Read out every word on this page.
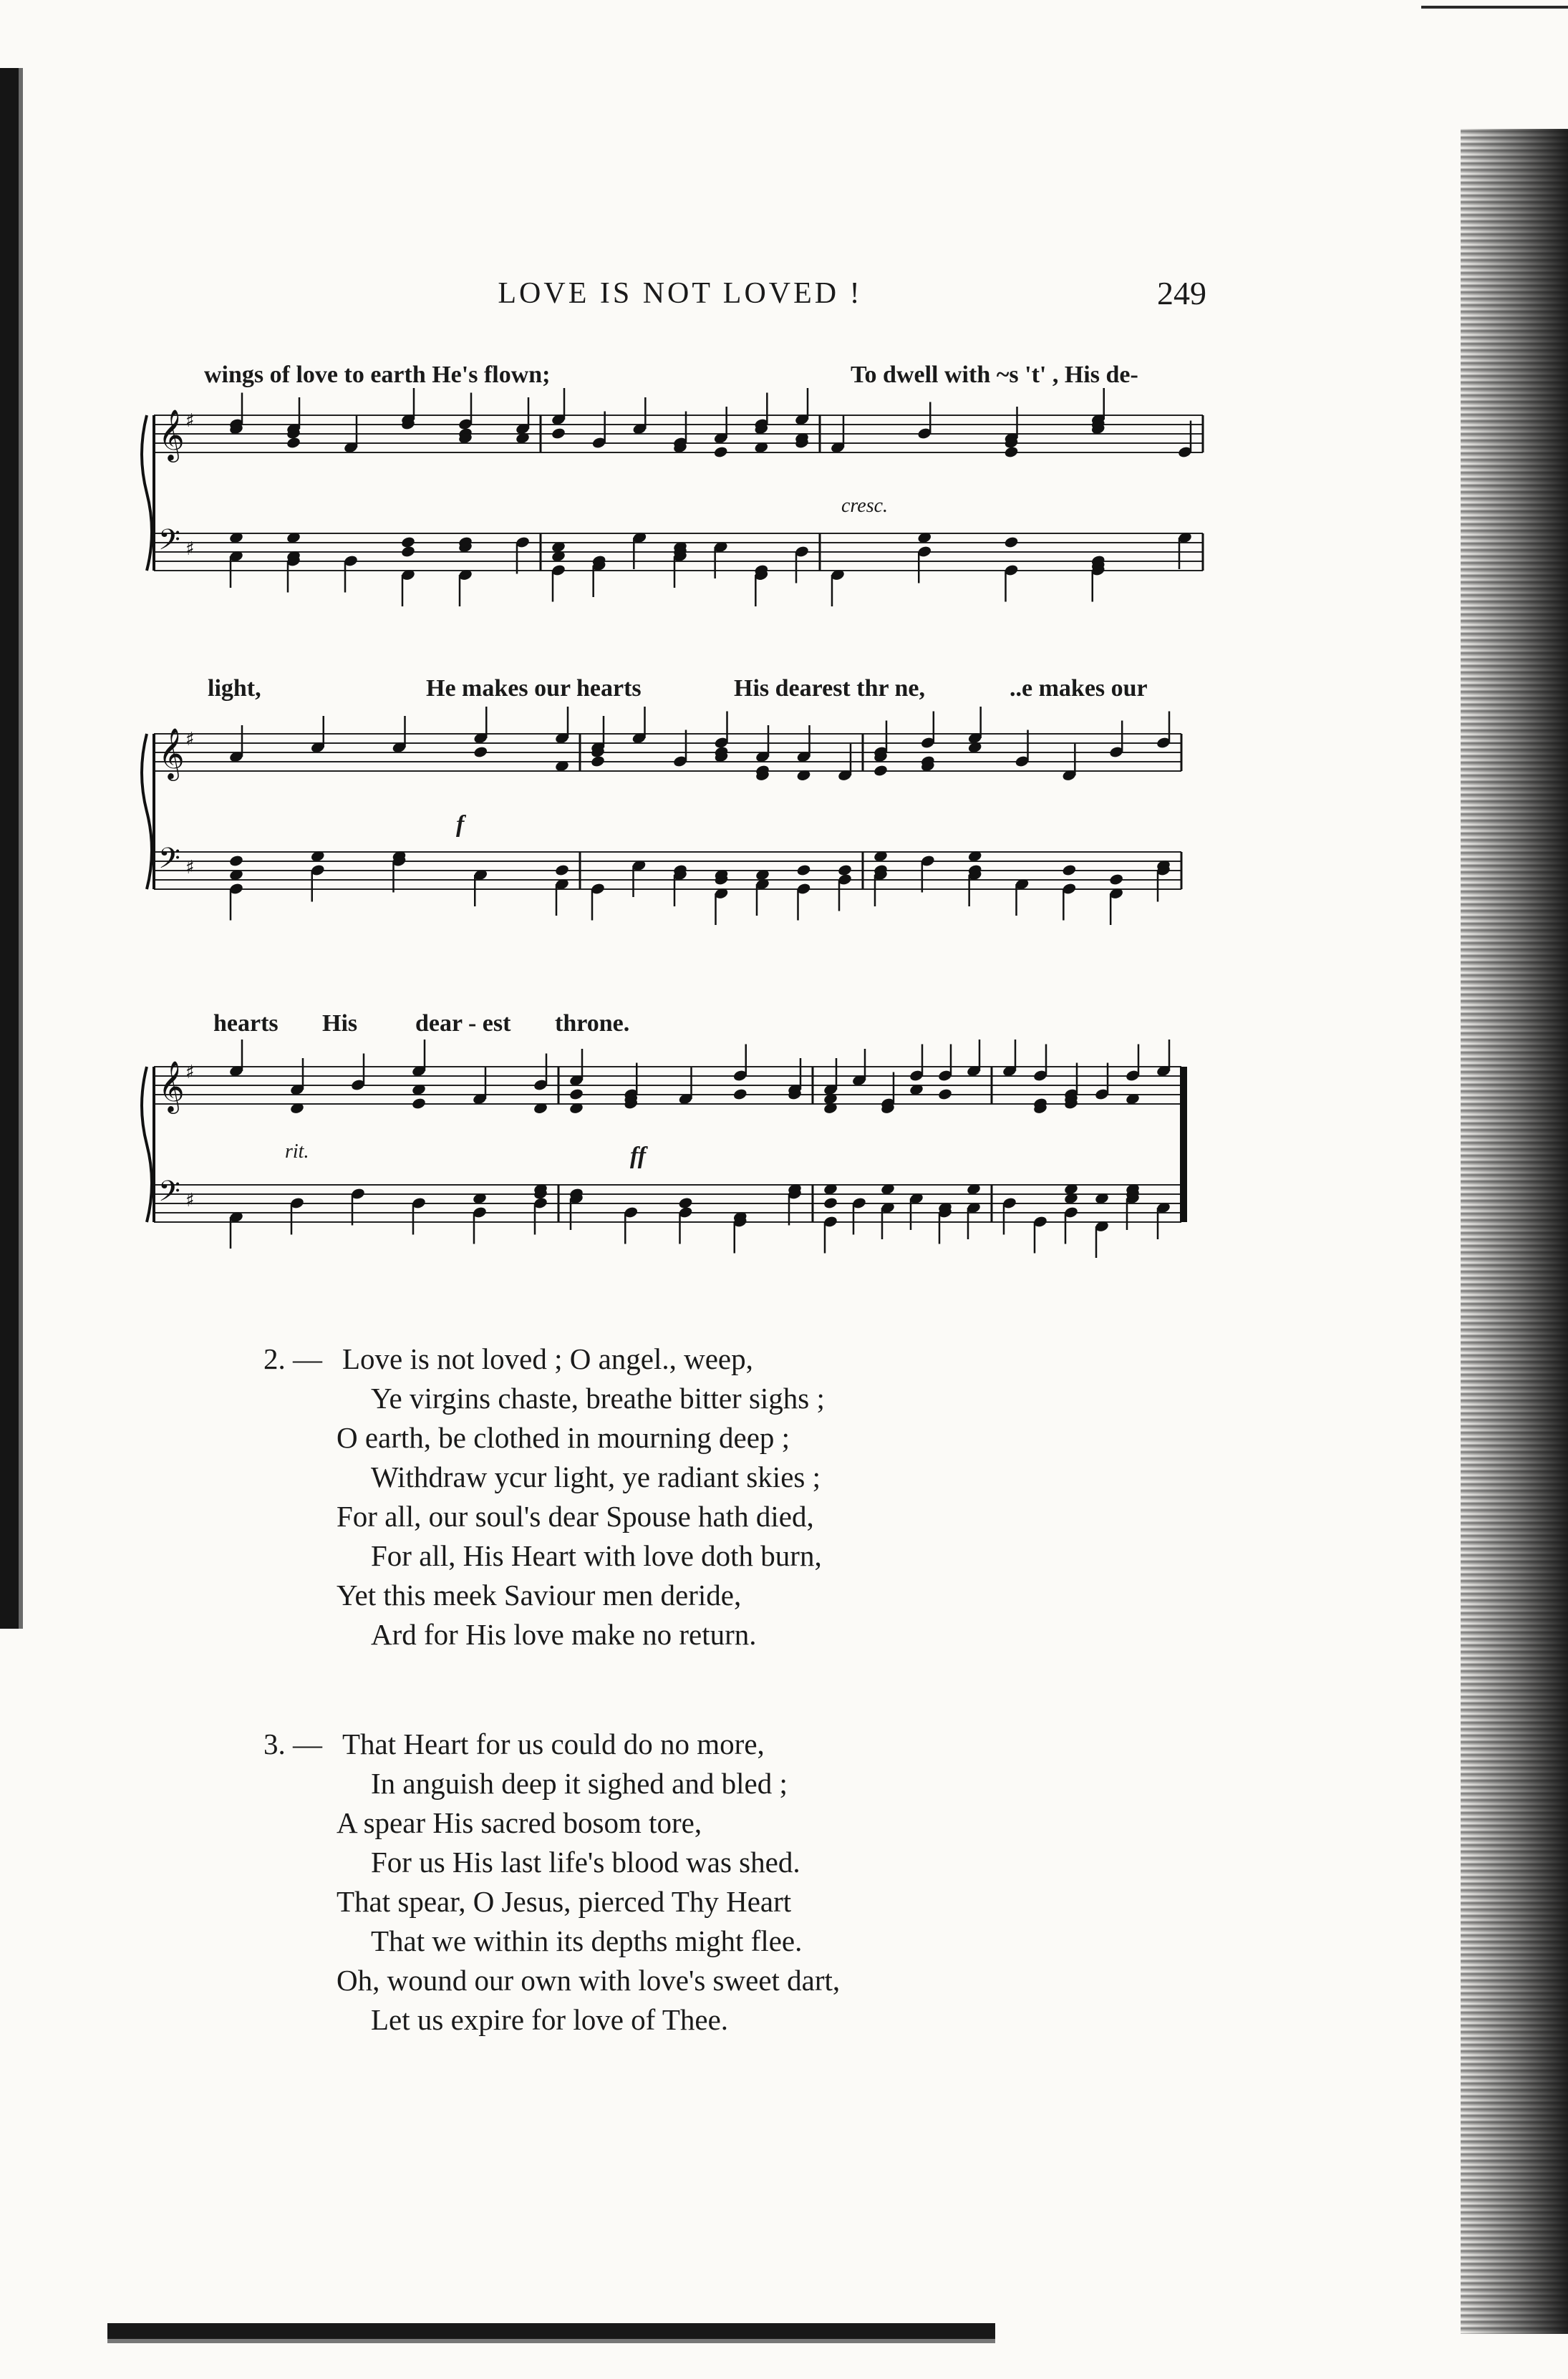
LOVE IS NOT LOVED !	249
wings of love to earth He's flown;	To dwell with ~s 't' , His de-
cresc.
𝄞 ♯
𝄢 ♯
light,	He makes our hearts	His dearest thr ne,	..e makes our
f
𝄞 ♯
𝄢 ♯
hearts His dear - est throne.
rit.	ff
𝄞 ♯
𝄢 ♯
2. — Love is not loved ; O angel., weep,
Ye virgins chaste, breathe bitter sighs ;
O earth, be clothed in mourning deep ;
Withdraw ycur light, ye radiant skies ;
For all, our soul's dear Spouse hath died,
For all, His Heart with love doth burn,
Yet this meek Saviour men deride,
Ard for His love make no return.
3. — That Heart for us could do no more,
In anguish deep it sighed and bled ;
A spear His sacred bosom tore,
For us His last life's blood was shed.
That spear, O Jesus, pierced Thy Heart
That we within its depths might flee.
Oh, wound our own with love's sweet dart,
Let us expire for love of Thee.
